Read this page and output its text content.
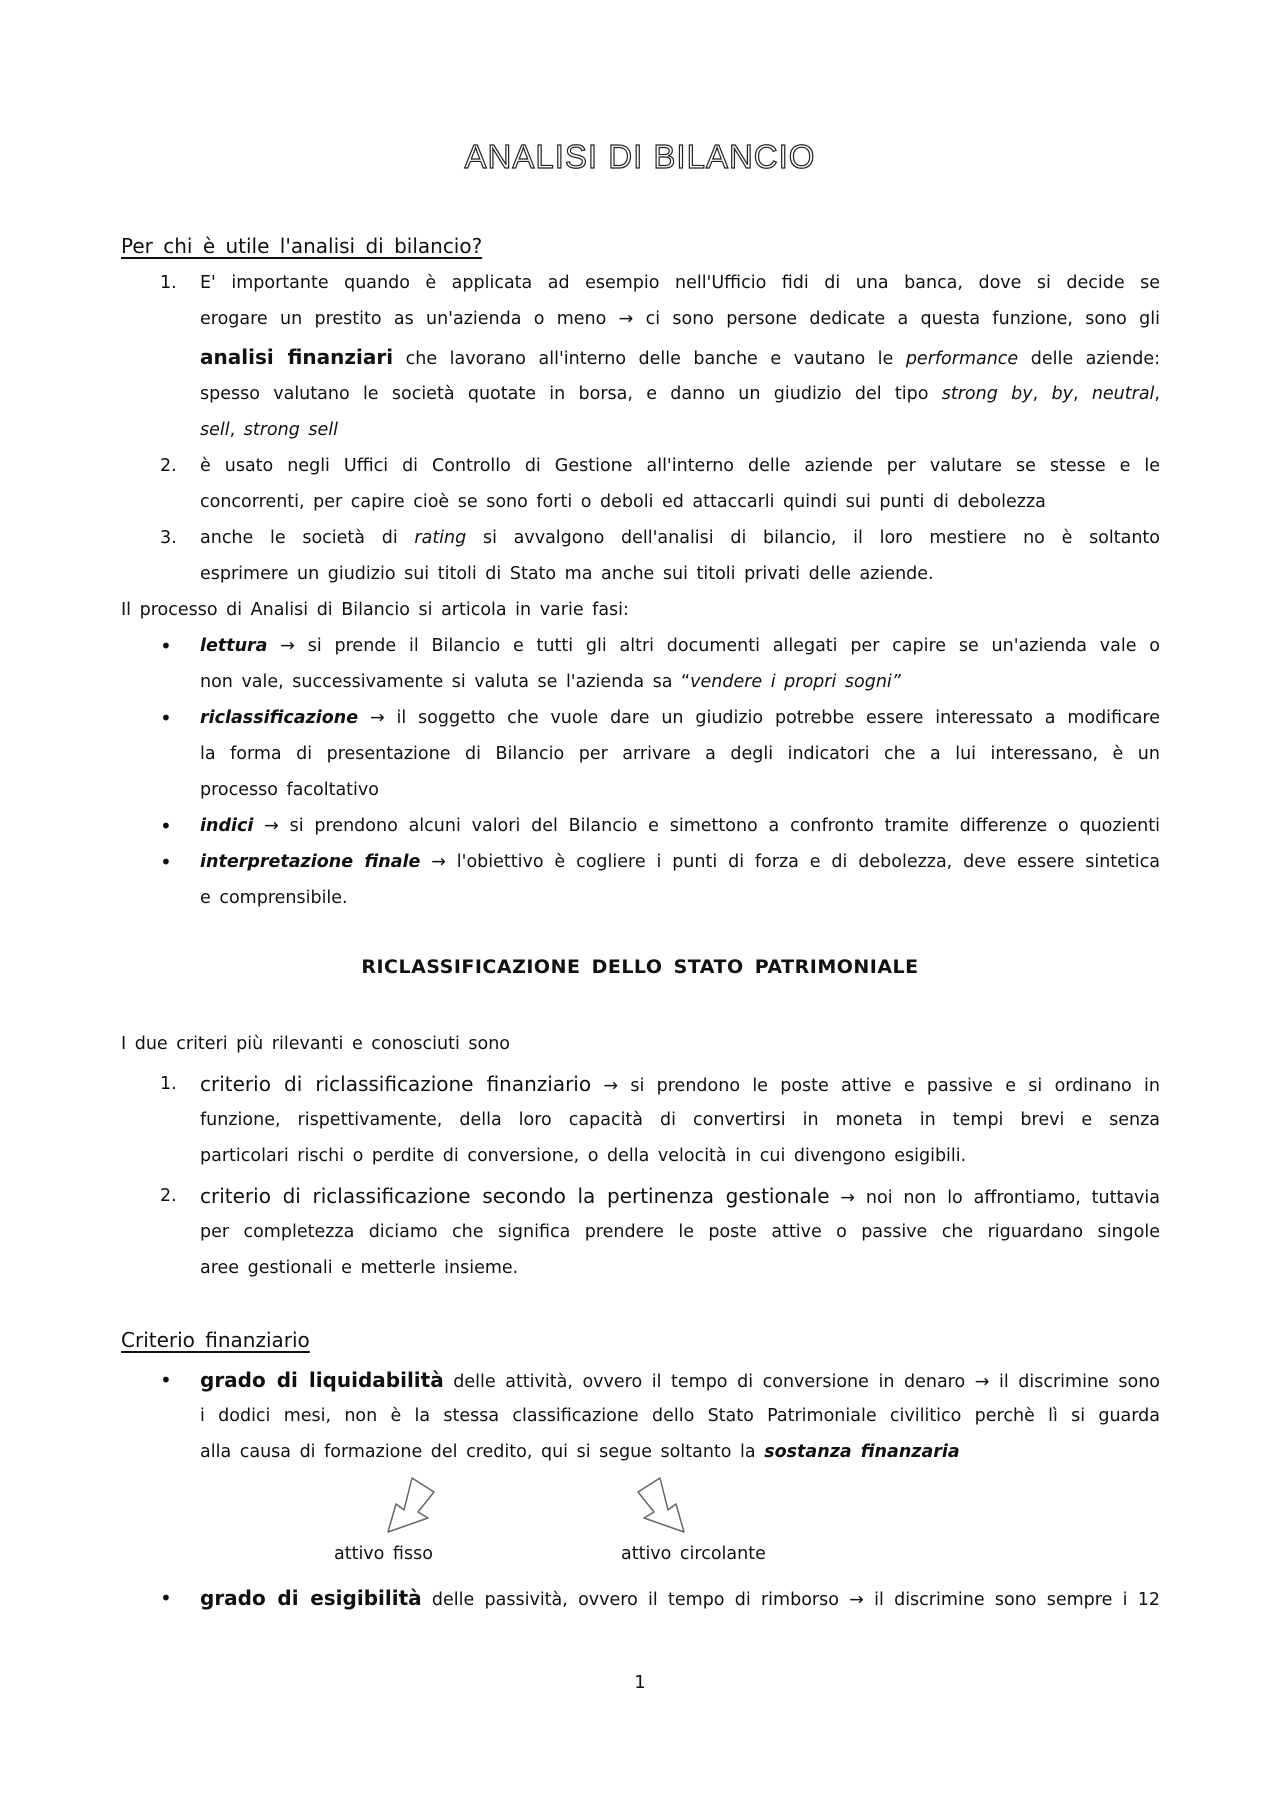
ANALISI DI BILANCIO
Per chi è utile l'analisi di bilancio?
1. E' importante quando è applicata ad esempio nell'Ufficio fidi di una banca, dove si decide se
erogare un prestito as un'azienda o meno → ci sono persone dedicate a questa funzione, sono gli
analisi finanziari che lavorano all'interno delle banche e vautano le performance delle aziende:
spesso valutano le società quotate in borsa, e danno un giudizio del tipo strong by, by, neutral,
sell, strong sell
2. è usato negli Uffici di Controllo di Gestione all'interno delle aziende per valutare se stesse e le
concorrenti, per capire cioè se sono forti o deboli ed attaccarli quindi sui punti di debolezza
3. anche le società di rating si avvalgono dell'analisi di bilancio, il loro mestiere no è soltanto
esprimere un giudizio sui titoli di Stato ma anche sui titoli privati delle aziende.
Il processo di Analisi di Bilancio si articola in varie fasi:
• lettura → si prende il Bilancio e tutti gli altri documenti allegati per capire se un'azienda vale o
non vale, successivamente si valuta se l'azienda sa “vendere i propri sogni”
• riclassificazione → il soggetto che vuole dare un giudizio potrebbe essere interessato a modificare
la forma di presentazione di Bilancio per arrivare a degli indicatori che a lui interessano, è un
processo facoltativo
• indici → si prendono alcuni valori del Bilancio e simettono a confronto tramite differenze o quozienti
• interpretazione finale → l'obiettivo è cogliere i punti di forza e di debolezza, deve essere sintetica
e comprensibile.
RICLASSIFICAZIONE DELLO STATO PATRIMONIALE
I due criteri più rilevanti e conosciuti sono
1. criterio di riclassificazione finanziario → si prendono le poste attive e passive e si ordinano in
funzione, rispettivamente, della loro capacità di convertirsi in moneta in tempi brevi e senza
particolari rischi o perdite di conversione, o della velocità in cui divengono esigibili.
2. criterio di riclassificazione secondo la pertinenza gestionale → noi non lo affrontiamo, tuttavia
per completezza diciamo che significa prendere le poste attive o passive che riguardano singole
aree gestionali e metterle insieme.
Criterio finanziario
• grado di liquidabilità delle attività, ovvero il tempo di conversione in denaro → il discrimine sono
i dodici mesi, non è la stessa classificazione dello Stato Patrimoniale civilitico perchè lì si guarda
alla causa di formazione del credito, qui si segue soltanto la sostanza finanzaria
attivo fisso	attivo circolante
• grado di esigibilità delle passività, ovvero il tempo di rimborso → il discrimine sono sempre i 12
1
